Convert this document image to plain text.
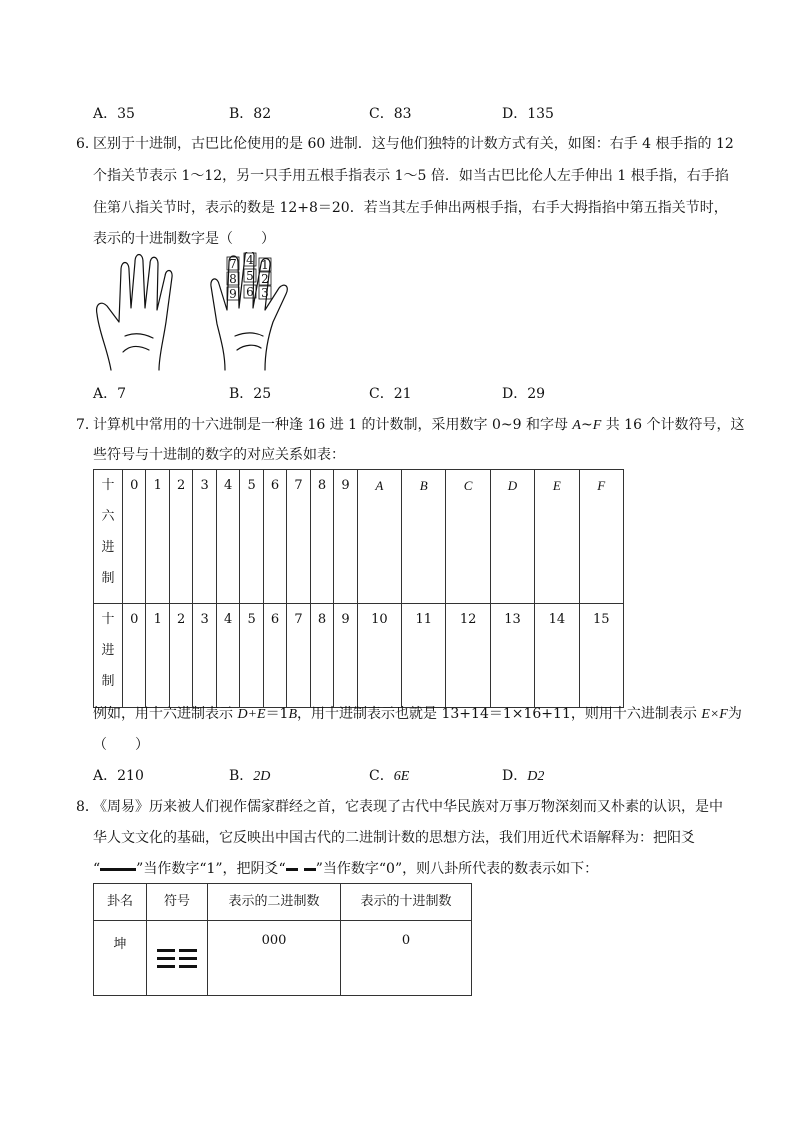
A．35	B．82	C．83	D．135
6．
区别于十进制，古巴比伦使用的是 60 进制．这与他们独特的计数方式有关，如图：右手 4 根手指的 12
个指关节表示 1～12，另一只手用五根手指表示 1～5 倍．如当古巴比伦人左手伸出 1 根手指，右手掐
住第八指关节时，表示的数是 12+8＝20．若当其左手伸出两根手指，右手大拇指掐中第五指关节时，
表示的十进制数字是（　　）
7
8
9
4
5
6
1
2
3
A．7	B．25	C．21	D．29
7．
计算机中常用的十六进制是一种逢 16 进 1 的计数制，采用数字 0~9 和字母 A~F 共 16 个计数符号，这
些符号与十进制的数字的对应关系如表：
十
六
进
制	0	1	2	3	4	5	6	7	8	9	A	B	C	D	E	F

十
进
制	0	1	2	3	4	5	6	7	8	9	10	11	12	13	14	15
例如，用十六进制表示 D+E＝1B，用十进制表示也就是 13+14＝1×16+11，则用十六进制表示 E×F为
（　　）
A．210	B．2D	C．6E	D．D2
8．
《周易》历来被人们视作儒家群经之首，它表现了古代中华民族对万事万物深刻而又朴素的认识，是中
华人文文化的基础，它反映出中国古代的二进制计数的思想方法，我们用近代术语解释为：把阳爻
“	”当作数字“1”，把阴爻“ ”当作数字“0”，则八卦所代表的数表示如下：
卦名	符号	表示的二进制数	表示的十进制数
坤		000	0
